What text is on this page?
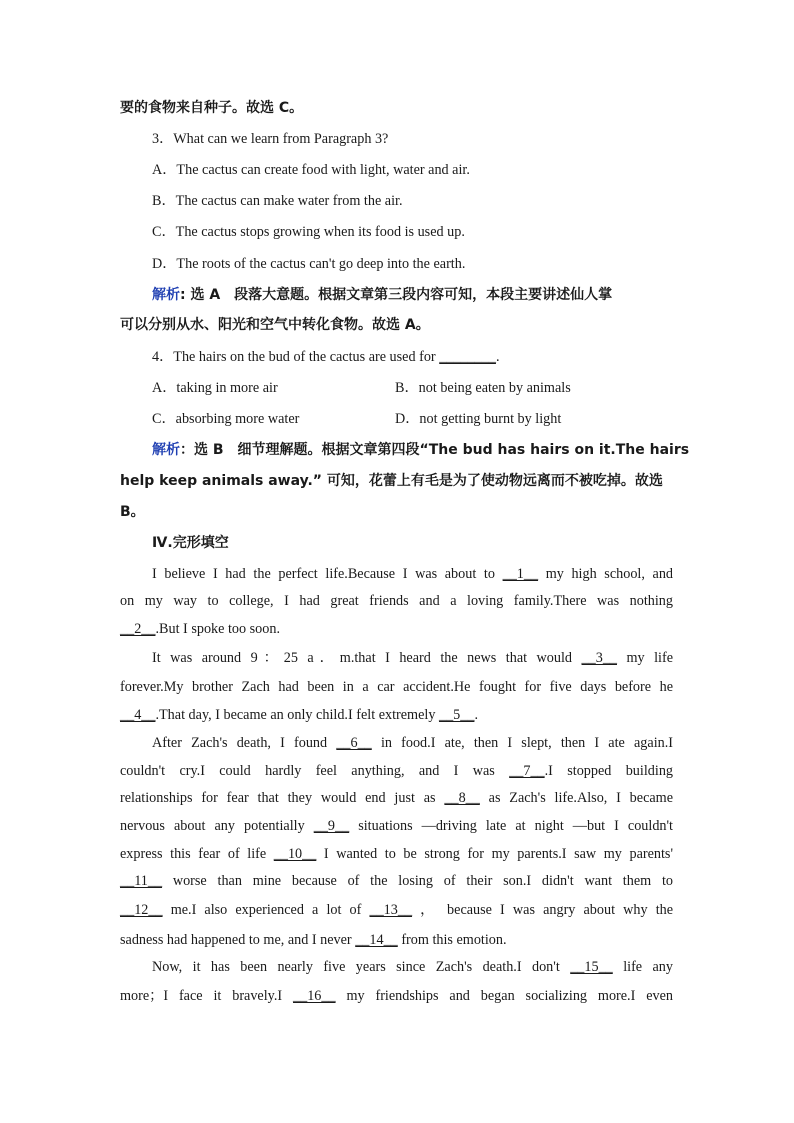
要的食物来自种子。故选 C。
3．What can we learn from Paragraph 3?
A．The cactus can create food with light, water and air.
B．The cactus can make water from the air.
C．The cactus stops growing when its food is used up.
D．The roots of the cactus can't go deep into the earth.
解析: 选 A　段落大意题。根据文章第三段内容可知，本段主要讲述仙人掌
可以分别从水、阳光和空气中转化食物。故选 A。
4．The hairs on the bud of the cactus are used for ________.
A．taking in more air	B．not being eaten by animals
C．absorbing more water	D．not getting burnt by light
解析：选 B　细节理解题。根据文章第四段“The bud has hairs on it.The hairs
help keep animals away.” 可知，花蕾上有毛是为了使动物远离而不被吃掉。故选
B。
Ⅳ.完形填空
I believe I had the perfect life.Because I was about to __1__ my high school, and
on my way to college, I had great friends and a loving family.There was nothing
__2__.But I spoke too soon.
It was around 9：25 a．m.that I heard the news that would __3__ my life
forever.My brother Zach had been in a car accident.He fought for five days before he
__4__.That day, I became an only child.I felt extremely __5__.
After Zach's death, I found __6__ in food.I ate, then I slept, then I ate again.I
couldn't cry.I could hardly feel anything, and I was __7__.I stopped building
relationships for fear that they would end just as __8__ as Zach's life.Also, I became
nervous about any potentially __9__ situations —driving late at night —but I couldn't
express this fear of life __10__ I wanted to be strong for my parents.I saw my parents'
__11__ worse than mine because of the losing of their son.I didn't want them to
__12__ me.I also experienced a lot of __13__ ， because I was angry about why the
sadness had happened to me, and I never __14__ from this emotion.
Now, it has been nearly five years since Zach's death.I don't __15__ life any
more；I face it bravely.I __16__ my friendships and began socializing more.I even
